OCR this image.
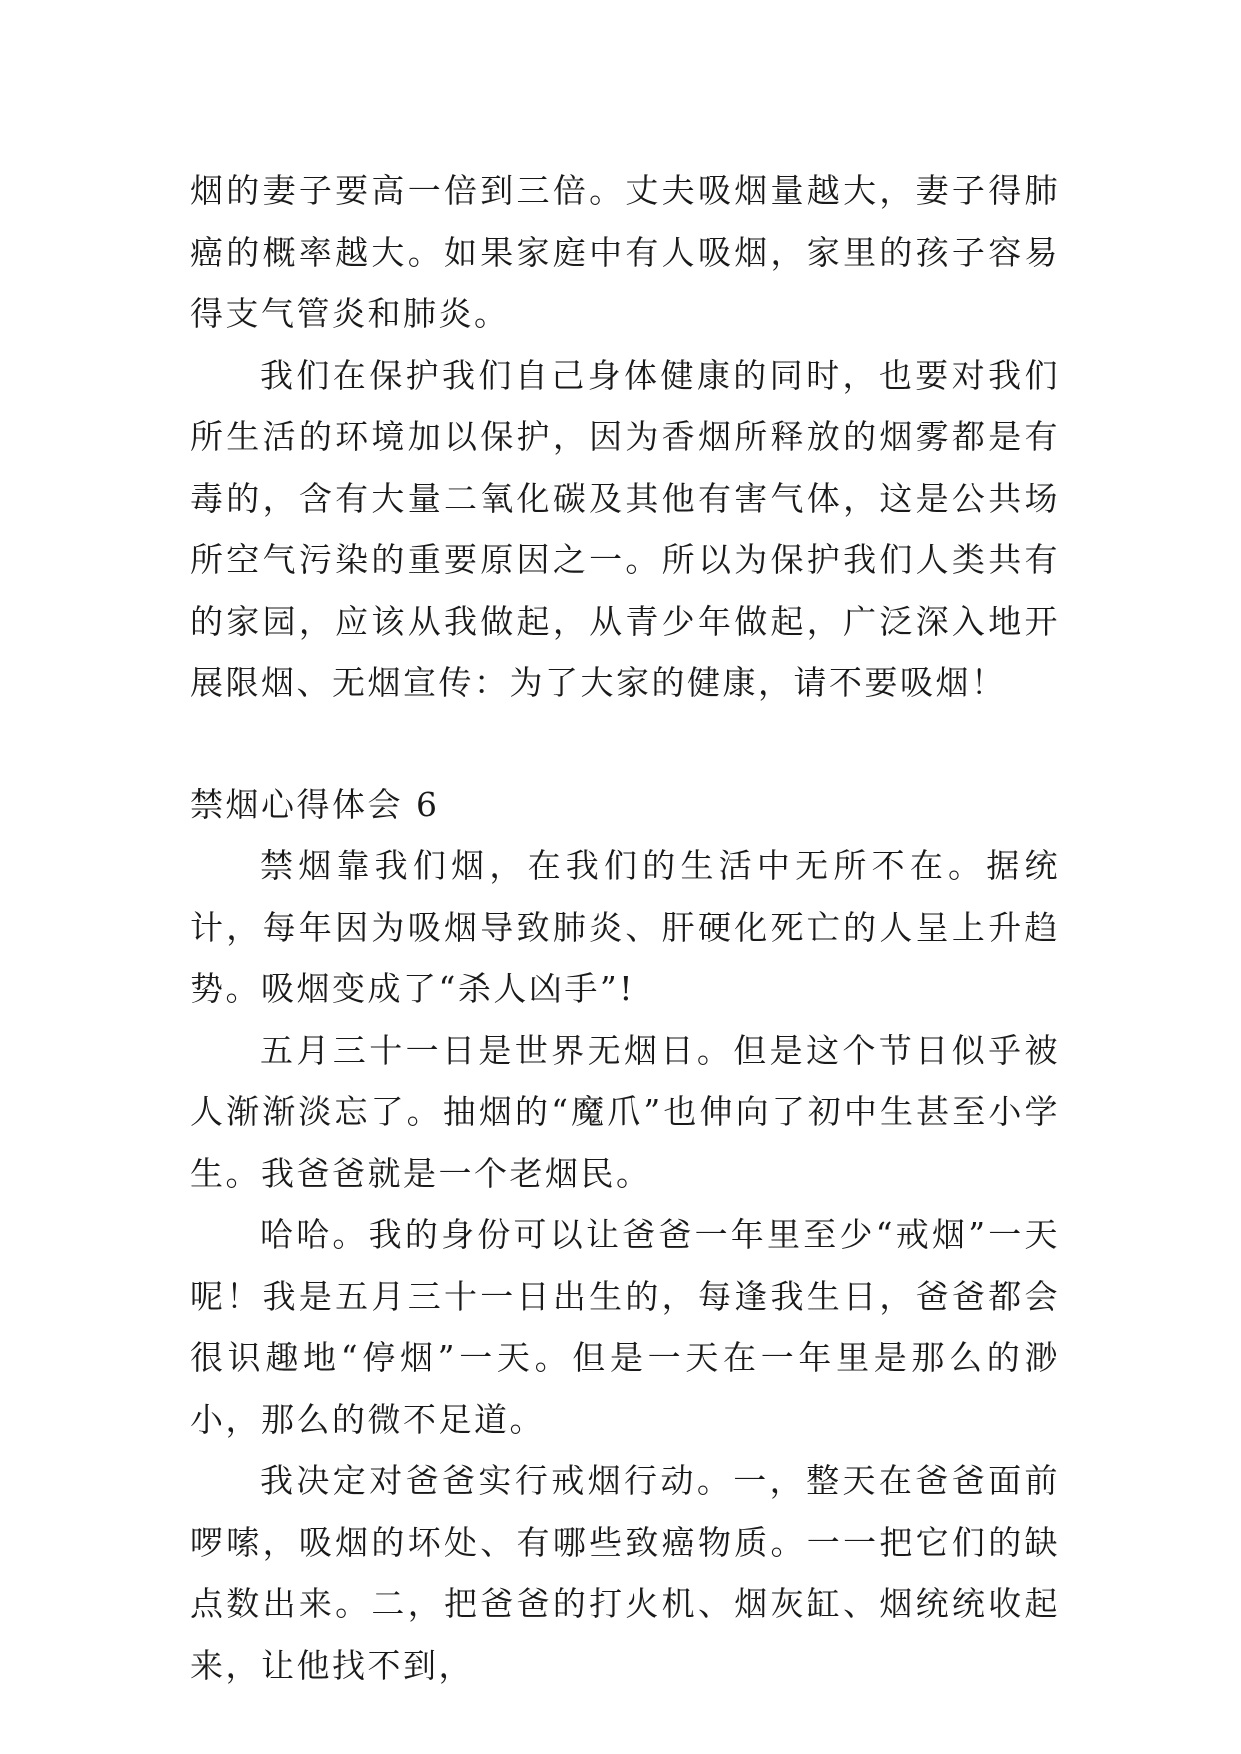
烟的妻子要高一倍到三倍。丈夫吸烟量越大，妻子得肺癌的概率越大。如果家庭中有人吸烟，家里的孩子容易得支气管炎和肺炎。

我们在保护我们自己身体健康的同时，也要对我们所生活的环境加以保护，因为香烟所释放的烟雾都是有毒的，含有大量二氧化碳及其他有害气体，这是公共场所空气污染的重要原因之一。所以为保护我们人类共有的家园，应该从我做起，从青少年做起，广泛深入地开展限烟、无烟宣传：为了大家的健康，请不要吸烟！

禁烟心得体会 6

禁烟靠我们烟，在我们的生活中无所不在。据统计，每年因为吸烟导致肺炎、肝硬化死亡的人呈上升趋势。吸烟变成了“杀人凶手”!

五月三十一日是世界无烟日。但是这个节日似乎被人渐渐淡忘了。抽烟的“魔爪”也伸向了初中生甚至小学生。我爸爸就是一个老烟民。

哈哈。我的身份可以让爸爸一年里至少“戒烟”一天呢！我是五月三十一日出生的，每逢我生日，爸爸都会很识趣地“停烟”一天。但是一天在一年里是那么的渺小，那么的微不足道。

我决定对爸爸实行戒烟行动。一，整天在爸爸面前啰嗦，吸烟的坏处、有哪些致癌物质。一一把它们的缺点数出来。二，把爸爸的打火机、烟灰缸、烟统统收起来，让他找不到，
